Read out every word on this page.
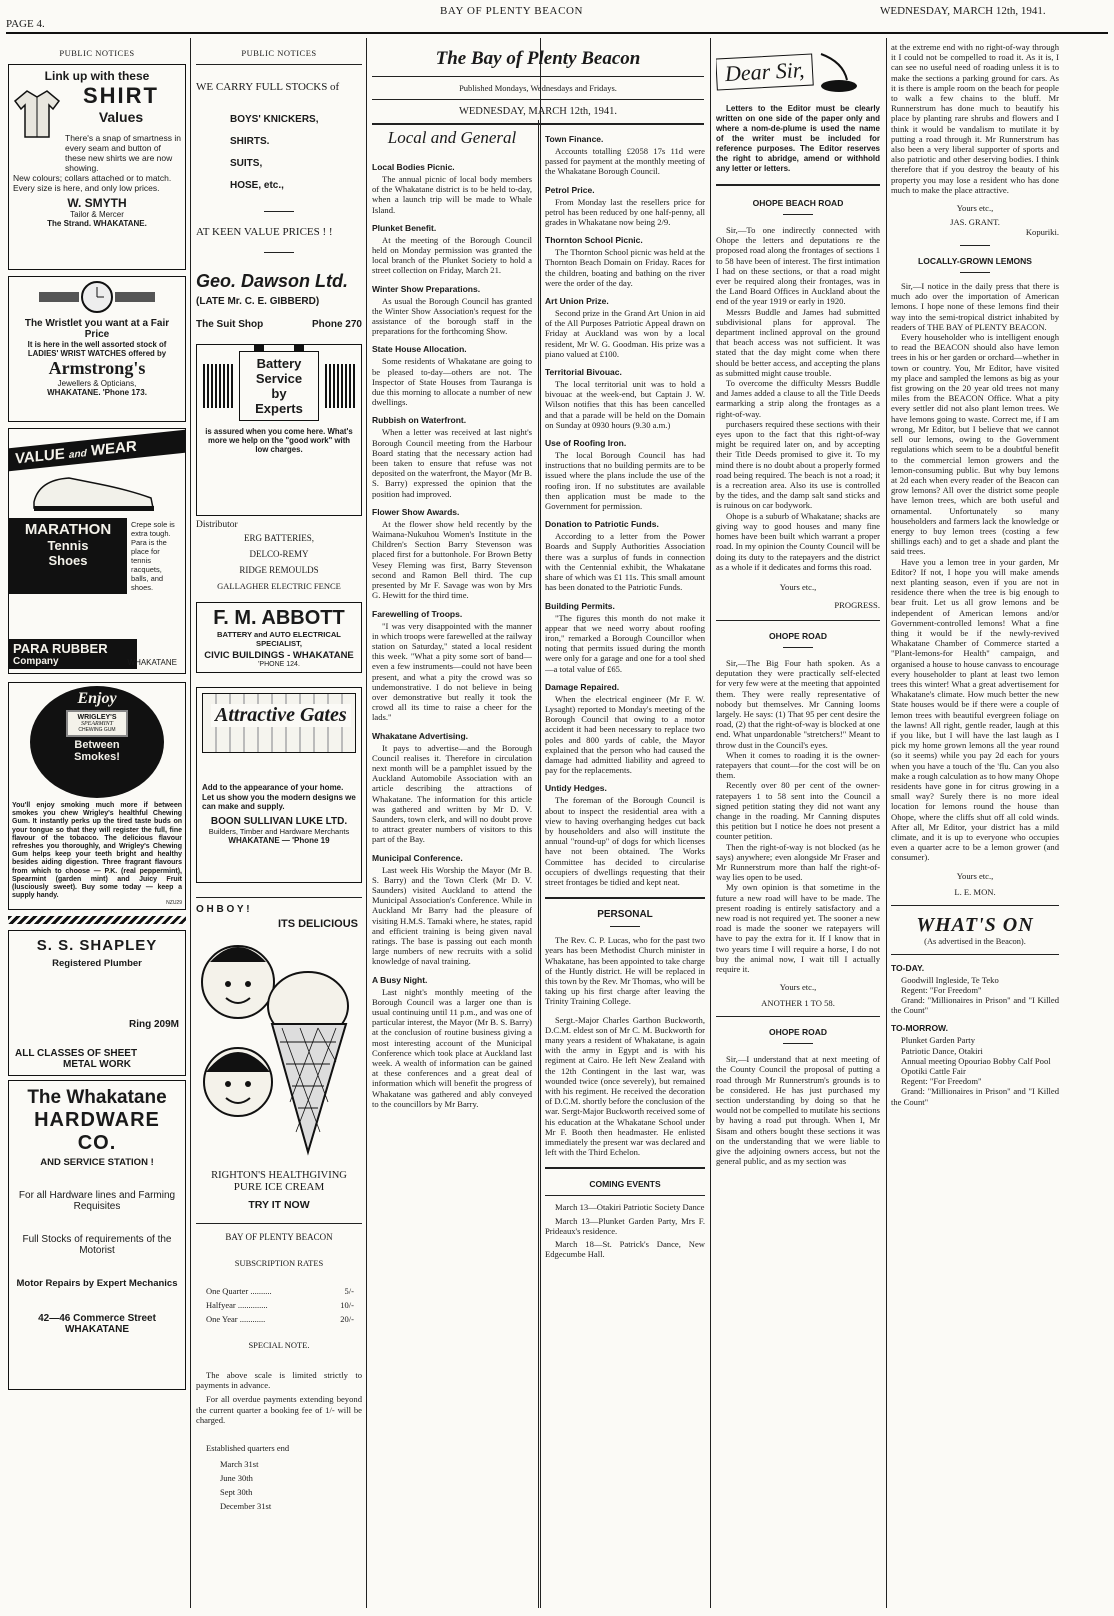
PAGE 4.
BAY OF PLENTY BEACON	WEDNESDAY, MARCH 12th, 1941.
PUBLIC NOTICES
Link up with these
SHIRT
Values
There's a snap of smartness in every seam and button of these new shirts we are now showing.
New colours; collars attached or to match. Every size is here, and only low prices.
W. SMYTH
Tailor & Mercer
The Strand. WHAKATANE.
The Wristlet you want at a Fair Price
It is here in the well assorted stock of LADIES' WRIST WATCHES offered by
Armstrong's
Jewellers & Opticians,
WHAKATANE. 'Phone 173.
VALUE and WEAR
MARATHON
Tennis
Shoes
Crepe sole is extra tough. Para is the place for tennis racquets, balls, and shoes.
PARA RUBBER
Company	WHAKATANE
Enjoy
WRIGLEY'S
SPEARMINT
CHEWING GUM
Between
Smokes!
You'll enjoy smoking much more if between smokes you chew Wrigley's healthful Chewing Gum. It instantly perks up the tired taste buds on your tongue so that they will register the full, fine flavour of the tobacco. The delicious flavour refreshes you thoroughly, and Wrigley's Chewing Gum helps keep your teeth bright and healthy besides aiding digestion. Three fragrant flavours from which to choose — P.K. (real peppermint), Spearmint (garden mint) and Juicy Fruit (lusciously sweet). Buy some today — keep a supply handy.
NZU29
S. S. SHAPLEY
Registered Plumber
Ring 209M
ALL CLASSES OF SHEET
METAL WORK
The Whakatane
HARDWARE CO.
AND SERVICE STATION !
For all Hardware lines and Farming Requisites
Full Stocks of requirements of the Motorist
Motor Repairs by Expert Mechanics
42—46 Commerce Street
WHAKATANE
PUBLIC NOTICES
WE CARRY FULL STOCKS of
BOYS' KNICKERS,
SHIRTS.
SUITS,
HOSE, etc.,
AT KEEN VALUE PRICES ! !
Geo. Dawson Ltd.
(LATE Mr. C. E. GIBBERD)
The Suit Shop	Phone 270
Battery
Service
by
Experts
is assured when you come here. What's more we help on the "good work" with low charges.
Distributor
ERG BATTERIES,
DELCO-REMY
RIDGE REMOULDS
GALLAGHER ELECTRIC FENCE
F. M. ABBOTT
BATTERY and AUTO ELECTRICAL SPECIALIST,
CIVIC BUILDINGS - WHAKATANE
'PHONE 124.
Attractive Gates
Add to the appearance of your home. Let us show you the modern designs we can make and supply.
BOON SULLIVAN LUKE LTD.
Builders, Timber and Hardware Merchants
WHAKATANE — 'Phone 19
O H B O Y !
ITS DELICIOUS
RIGHTON'S HEALTHGIVING
PURE ICE CREAM
TRY IT NOW
BAY OF PLENTY BEACON
SUBSCRIPTION RATES
One Quarter ..........	5/-
Halfyear ..............	10/-
One Year ............	20/-
SPECIAL NOTE.

The above scale is limited strictly to payments in advance.

For all overdue payments extending beyond the current quarter a booking fee of 1/- will be charged.

Established quarters end
March 31st
June 30th
Sept 30th
December 31st
The Bay of Plenty Beacon
Published Mondays, Wednesdays and Fridays.
WEDNESDAY, MARCH 12th, 1941.
Local and General
Local Bodies Picnic.

The annual picnic of local body members of the Whakatane district is to be held to-day, when a launch trip will be made to Whale Island.

Plunket Benefit.

At the meeting of the Borough Council held on Monday permission was granted the local branch of the Plunket Society to hold a street collection on Friday, March 21.

Winter Show Preparations.

As usual the Borough Council has granted the Winter Show Association's request for the assistance of the borough staff in the preparations for the forthcoming Show.

State House Allocation.

Some residents of Whakatane are going to be pleased to-day—others are not. The Inspector of State Houses from Tauranga is due this morning to allocate a number of new dwellings.

Rubbish on Waterfront.

When a letter was received at last night's Borough Council meeting from the Harbour Board stating that the necessary action had been taken to ensure that refuse was not deposited on the waterfront, the Mayor (Mr B. S. Barry) expressed the opinion that the position had improved.

Flower Show Awards.

At the flower show held recently by the Waimana-Nukuhou Women's Institute in the Children's Section Barry Stevenson was placed first for a buttonhole. For Brown Betty Vesey Fleming was first, Barry Stevenson second and Ramon Bell third. The cup presented by Mr F. Savage was won by Mrs G. Hewitt for the third time.

Farewelling of Troops.

"I was very disappointed with the manner in which troops were farewelled at the railway station on Saturday," stated a local resident this week. "What a pity some sort of band—even a few instruments—could not have been present, and what a pity the crowd was so undemonstrative. I do not believe in being over demonstrative but really it took the crowd all its time to raise a cheer for the lads."

Whakatane Advertising.

It pays to advertise—and the Borough Council realises it. Therefore in circulation next month will be a pamphlet issued by the Auckland Automobile Association with an article describing the attractions of Whakatane. The information for this article was gathered and written by Mr D. V. Saunders, town clerk, and will no doubt prove to attract greater numbers of visitors to this part of the Bay.

Municipal Conference.

Last week His Worship the Mayor (Mr B. S. Barry) and the Town Clerk (Mr D. V. Saunders) visited Auckland to attend the Municipal Association's Conference. While in Auckland Mr Barry had the pleasure of visiting H.M.S. Tamaki where, he states, rapid and efficient training is being given naval ratings. The base is passing out each month large numbers of new recruits with a solid knowledge of naval training.

A Busy Night.

Last night's monthly meeting of the Borough Council was a larger one than is usual continuing until 11 p.m., and was one of particular interest, the Mayor (Mr B. S. Barry) at the conclusion of routine business giving a most interesting account of the Municipal Conference which took place at Auckland last week. A wealth of information can be gained at these conferences and a great deal of information which will benefit the progress of Whakatane was gathered and ably conveyed to the councillors by Mr Barry.

Town Finance.

Accounts totalling £2058 17s 11d were passed for payment at the monthly meeting of the Whakatane Borough Council.

Petrol Price.

From Monday last the resellers price for petrol has been reduced by one half-penny, all grades in Whakatane now being 2/9.

Thornton School Picnic.

The Thornton School picnic was held at the Thornton Beach Domain on Friday. Races for the children, boating and bathing on the river were the order of the day.

Art Union Prize.

Second prize in the Grand Art Union in aid of the All Purposes Patriotic Appeal drawn on Friday at Auckland was won by a local resident, Mr W. G. Goodman. His prize was a piano valued at £100.

Territorial Bivouac.

The local territorial unit was to hold a bivouac at the week-end, but Captain J. W. Wilson notifies that this has been cancelled and that a parade will be held on the Domain on Sunday at 0930 hours (9.30 a.m.)

Use of Roofing Iron.

The local Borough Council has had instructions that no building permits are to be issued where the plans include the use of the roofing iron. If no substitutes are available then application must be made to the Government for permission.

Donation to Patriotic Funds.

According to a letter from the Power Boards and Supply Authorities Association there was a surplus of funds in connection with the Centennial exhibit, the Whakatane share of which was £1 11s. This small amount has been donated to the Patriotic Funds.

Building Permits.

"The figures this month do not make it appear that we need worry about roofing iron," remarked a Borough Councillor when noting that permits issued during the month were only for a garage and one for a tool shed—a total value of £65.

Damage Repaired.

When the electrical engineer (Mr F. W. Lysaght) reported to Monday's meeting of the Borough Council that owing to a motor accident it had been necessary to replace two poles and 800 yards of cable, the Mayor explained that the person who had caused the damage had admitted liability and agreed to pay for the replacements.

Untidy Hedges.

The foreman of the Borough Council is about to inspect the residential area with a view to having overhanging hedges cut back by householders and also will institute the annual "round-up" of dogs for which licenses have not been obtained. The Works Committee has decided to circularise occupiers of dwellings requesting that their street frontages be tidied and kept neat.

PERSONAL

The Rev. C. P. Lucas, who for the past two years has been Methodist Church minister in Whakatane, has been appointed to take charge of the Huntly district. He will be replaced in this town by the Rev. Mr Thomas, who will be taking up his first charge after leaving the Trinity Training College.

Sergt.-Major Charles Garthon Buckworth, D.C.M. eldest son of Mr C. M. Buckworth for many years a resident of Whakatane, is again with the army in Egypt and is with his regiment at Cairo. He left New Zealand with the 12th Contingent in the last war, was wounded twice (once severely), but remained with his regiment. He received the decoration of D.C.M. shortly before the conclusion of the war. Sergt-Major Buckworth received some of his education at the Whakatane School under Mr F. Booth then headmaster. He enlisted immediately the present war was declared and left with the Third Echelon.

COMING EVENTS

March 13—Otakiri Patriotic Society Dance

March 13—Plunket Garden Party, Mrs F. Prideaux's residence.

March 18—St. Patrick's Dance, New Edgecumbe Hall.

Dear Sir,

Letters to the Editor must be clearly written on one side of the paper only and where a nom-de-plume is used the name of the writer must be included for reference purposes. The Editor reserves the right to abridge, amend or withhold any letter or letters.

OHOPE BEACH ROAD

Sir,—To one indirectly connected with Ohope the letters and deputations re the proposed road along the frontages of sections 1 to 58 have been of interest. The first intimation I had on these sections, or that a road might ever be required along their frontages, was in the Land Board Offices in Auckland about the end of the year 1919 or early in 1920.

Messrs Buddle and James had submitted subdivisional plans for approval. The department inclined approval on the ground that beach access was not sufficient. It was stated that the day might come when there should be better access, and accepting the plans as submitted might cause trouble.

To overcome the difficulty Messrs Buddle and James added a clause to all the Title Deeds earmarking a strip along the frontages as a right-of-way.

purchasers required these sections with their eyes upon to the fact that this right-of-way might be required later on, and by accepting their Title Deeds promised to give it. To my mind there is no doubt about a properly formed road being required. The beach is not a road; it is a recreation area. Also its use is controlled by the tides, and the damp salt sand sticks and is ruinous on car bodywork.

Ohope is a suburb of Whakatane; shacks are giving way to good houses and many fine homes have been built which warrant a proper road. In my opinion the County Council will be doing its duty to the ratepayers and the district as a whole if it dedicates and forms this road.

Yours etc.,
PROGRESS.
OHOPE ROAD

Sir,—The Big Four hath spoken. As a deputation they were practically self-elected for very few were at the meeting that appointed them. They were really representative of nobody but themselves. Mr Canning looms largely. He says: (1) That 95 per cent desire the road, (2) that the right-of-way is blocked at one end. What unpardonable "stretchers!" Meant to throw dust in the Council's eyes.

When it comes to roading it is the owner-ratepayers that count—for the cost will be on them.

Recently over 80 per cent of the owner-ratepayers 1 to 58 sent into the Council a signed petition stating they did not want any change in the roading. Mr Canning disputes this petition but I notice he does not present a counter petition.

Then the right-of-way is not blocked (as he says) anywhere; even alongside Mr Fraser and Mr Runnerstrum more than half the right-of-way lies open to be used.

My own opinion is that sometime in the future a new road will have to be made. The present roading is entirely satisfactory and a new road is not required yet. The sooner a new road is made the sooner we ratepayers will have to pay the extra for it. If I know that in two years time I will require a horse, I do not buy the animal now, I wait till I actually require it.

Yours etc.,
ANOTHER 1 TO 58.
OHOPE ROAD

Sir,—I understand that at next meeting of the County Council the proposal of putting a road through Mr Runnerstrum's grounds is to be considered. He has just purchased my section understanding by doing so that he would not be compelled to mutilate his sections by having a road put through. When I, Mr Sisam and others bought these sections it was on the understanding that we were liable to give the adjoining owners access, but not the general public, and as my section was

at the extreme end with no right-of-way through it I could not be compelled to road it. As it is, I can see no useful need of roading unless it is to make the sections a parking ground for cars. As it is there is ample room on the beach for people to walk a few chains to the bluff. Mr Runnerstrum has done much to beautify his place by planting rare shrubs and flowers and I think it would be vandalism to mutilate it by putting a road through it. Mr Runnerstrum has also been a very liberal supporter of sports and also patriotic and other deserving bodies. I think therefore that if you destroy the beauty of his property you may lose a resident who has done much to make the place attractive.

Yours etc.,
JAS. GRANT.
Kopuriki.
LOCALLY-GROWN LEMONS

Sir,—I notice in the daily press that there is much ado over the importation of American lemons. I hope none of these lemons find their way into the semi-tropical district inhabited by readers of THE BAY of PLENTY BEACON.

Every householder who is intelligent enough to read the BEACON should also have lemon trees in his or her garden or orchard—whether in town or country. You, Mr Editor, have visited my place and sampled the lemons as big as your fist growing on the 20 year old trees not many miles from the BEACON Office. What a pity every settler did not also plant lemon trees. We have lemons going to waste. Correct me, if I am wrong, Mr Editor, but I believe that we cannot sell our lemons, owing to the Government regulations which seem to be a doubtful benefit to the commercial lemon growers and the lemon-consuming public. But why buy lemons at 2d each when every reader of the Beacon can grow lemons? All over the district some people have lemon trees, which are both useful and ornamental. Unfortunately so many householders and farmers lack the knowledge or energy to buy lemon trees (costing a few shillings each) and to get a shade and plant the said trees.

Have you a lemon tree in your garden, Mr Editor? If not, I hope you will make amends next planting season, even if you are not in residence there when the tree is big enough to bear fruit. Let us all grow lemons and be independent of American lemons and/or Government-controlled lemons! What a fine thing it would be if the newly-revived Whakatane Chamber of Commerce started a "Plant-lemons-for Health" campaign, and organised a house to house canvass to encourage every householder to plant at least two lemon trees this winter! What a great advertisement for Whakatane's climate. How much better the new State houses would be if there were a couple of lemon trees with beautiful evergreen foliage on the lawns! All right, gentle reader, laugh at this if you like, but I will have the last laugh as I pick my home grown lemons all the year round (so it seems) while you pay 2d each for yours when you have a touch of the 'flu. Can you also make a rough calculation as to how many Ohope residents have gone in for citrus growing in a small way? Surely there is no more ideal location for lemons round the house than Ohope, where the cliffs shut off all cold winds. After all, Mr Editor, your district has a mild climate, and it is up to everyone who occupies even a quarter acre to be a lemon grower (and consumer).

Yours etc.,
L. E. MON.
WHAT'S ON
(As advertised in the Beacon).
TO-DAY.

Goodwill Ingleside, Te Teko

Regent: "For Freedom"

Grand: "Millionaires in Prison" and "I Killed the Count"

TO-MORROW.

Plunket Garden Party

Patriotic Dance, Otakiri

Annual meeting Opouriao Bobby Calf Pool

Opotiki Cattle Fair

Regent: "For Freedom"

Grand: "Millionaires in Prison" and "I Killed the Count"
